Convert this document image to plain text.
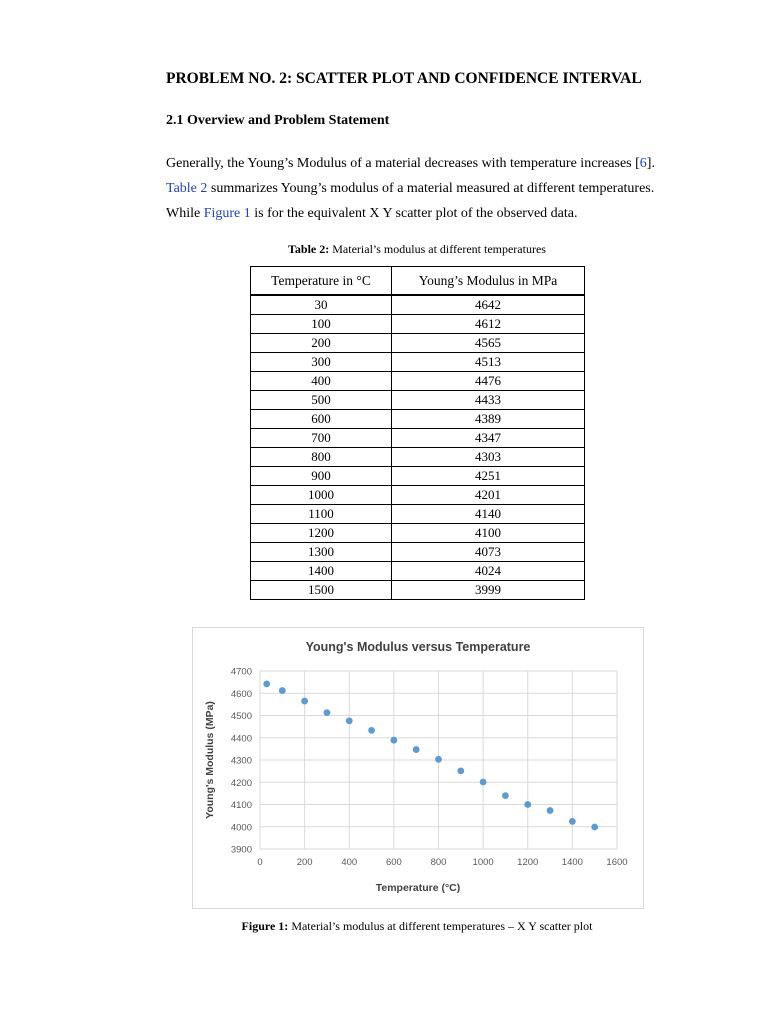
PROBLEM NO. 2: SCATTER PLOT AND CONFIDENCE INTERVAL
2.1 Overview and Problem Statement
Generally, the Young’s Modulus of a material decreases with temperature increases [6].
Table 2 summarizes Young’s modulus of a material measured at different temperatures.
While Figure 1 is for the equivalent X Y scatter plot of the observed data.
Table 2: Material’s modulus at different temperatures
Temperature in °C	Young’s Modulus in MPa
30	4642
100	4612
200	4565
300	4513
400	4476
500	4433
600	4389
700	4347
800	4303
900	4251
1000	4201
1100	4140
1200	4100
1300	4073
1400	4024
1500	3999
3900
4000
4100
4200
4300
4400
4500
4600
4700
0	200	400	600	800	1000 1200 1400 1600
Young's Modulus versus Temperature
Temperature (°C)
Young's Modulus (MPa)
Figure 1: Material’s modulus at different temperatures – X Y scatter plot
